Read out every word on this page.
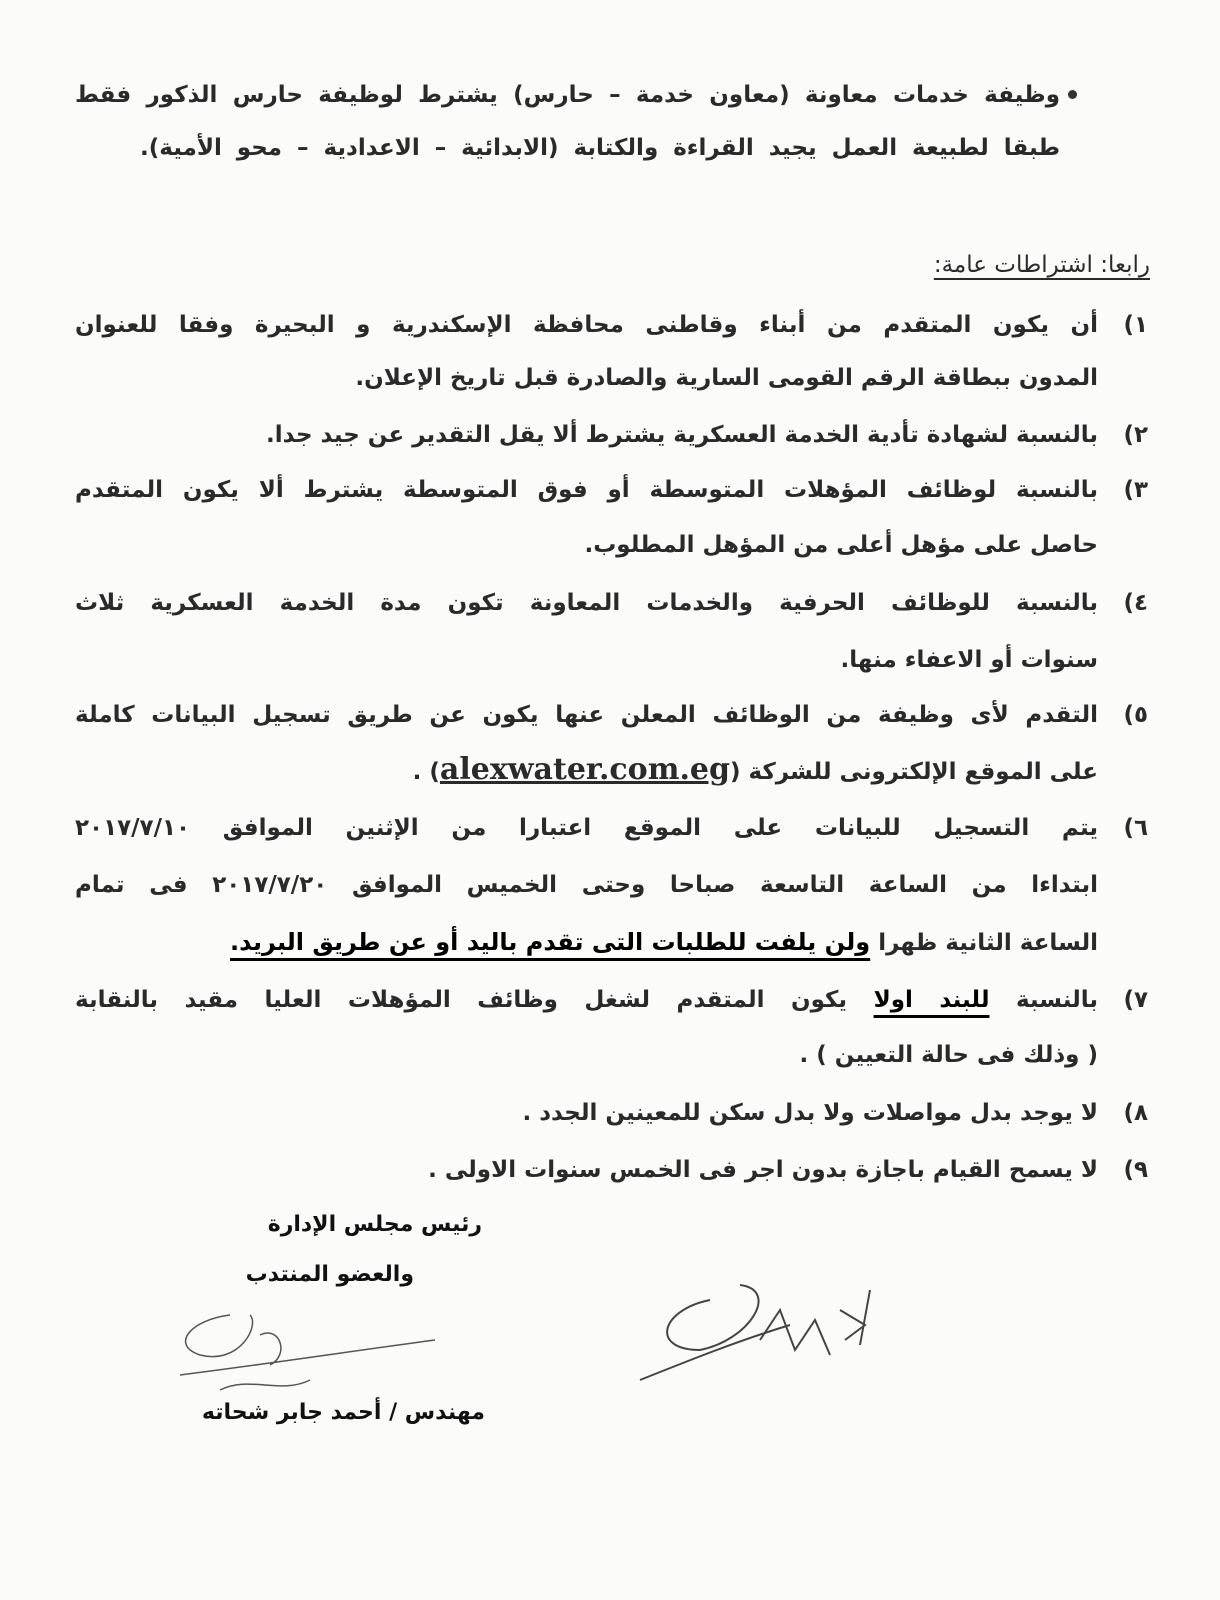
وظيفة خدمات معاونة (معاون خدمة – حارس) يشترط لوظيفة حارس الذكور فقط
طبقا لطبيعة العمل يجيد القراءة والكتابة (الابدائية – الاعدادية – محو الأمية).
رابعا: اشتراطات عامة:
١)
أن يكون المتقدم من أبناء وقاطنى محافظة الإسكندرية و البحيرة وفقا للعنوان
المدون ببطاقة الرقم القومى السارية والصادرة قبل تاريخ الإعلان.
٢)
بالنسبة لشهادة تأدية الخدمة العسكرية يشترط ألا يقل التقدير عن جيد جدا.
٣)
بالنسبة لوظائف المؤهلات المتوسطة أو فوق المتوسطة يشترط ألا يكون المتقدم
حاصل على مؤهل أعلى من المؤهل المطلوب.
٤)
بالنسبة للوظائف الحرفية والخدمات المعاونة تكون مدة الخدمة العسكرية ثلاث
سنوات أو الاعفاء منها.
٥)
التقدم لأى وظيفة من الوظائف المعلن عنها يكون عن طريق تسجيل البيانات كاملة
على الموقع الإلكترونى للشركة (alexwater.com.eg) .
٦)
يتم التسجيل للبيانات على الموقع اعتبارا من الإثنين الموافق ٢٠١٧/٧/١٠
ابتداءا من الساعة التاسعة صباحا وحتى الخميس الموافق ٢٠١٧/٧/٢٠ فى تمام
الساعة الثانية ظهرا ولن يلفت للطلبات التى تقدم باليد أو عن طريق البريد.
٧)
بالنسبة للبند اولا يكون المتقدم لشغل وظائف المؤهلات العليا مقيد بالنقابة
( وذلك فى حالة التعيين ) .
٨)
لا يوجد بدل مواصلات ولا بدل سكن للمعينين الجدد .
٩)
لا يسمح القيام باجازة بدون اجر فى الخمس سنوات الاولى .
رئيس مجلس الإدارة
والعضو المنتدب
مهندس / أحمد جابر شحاته
